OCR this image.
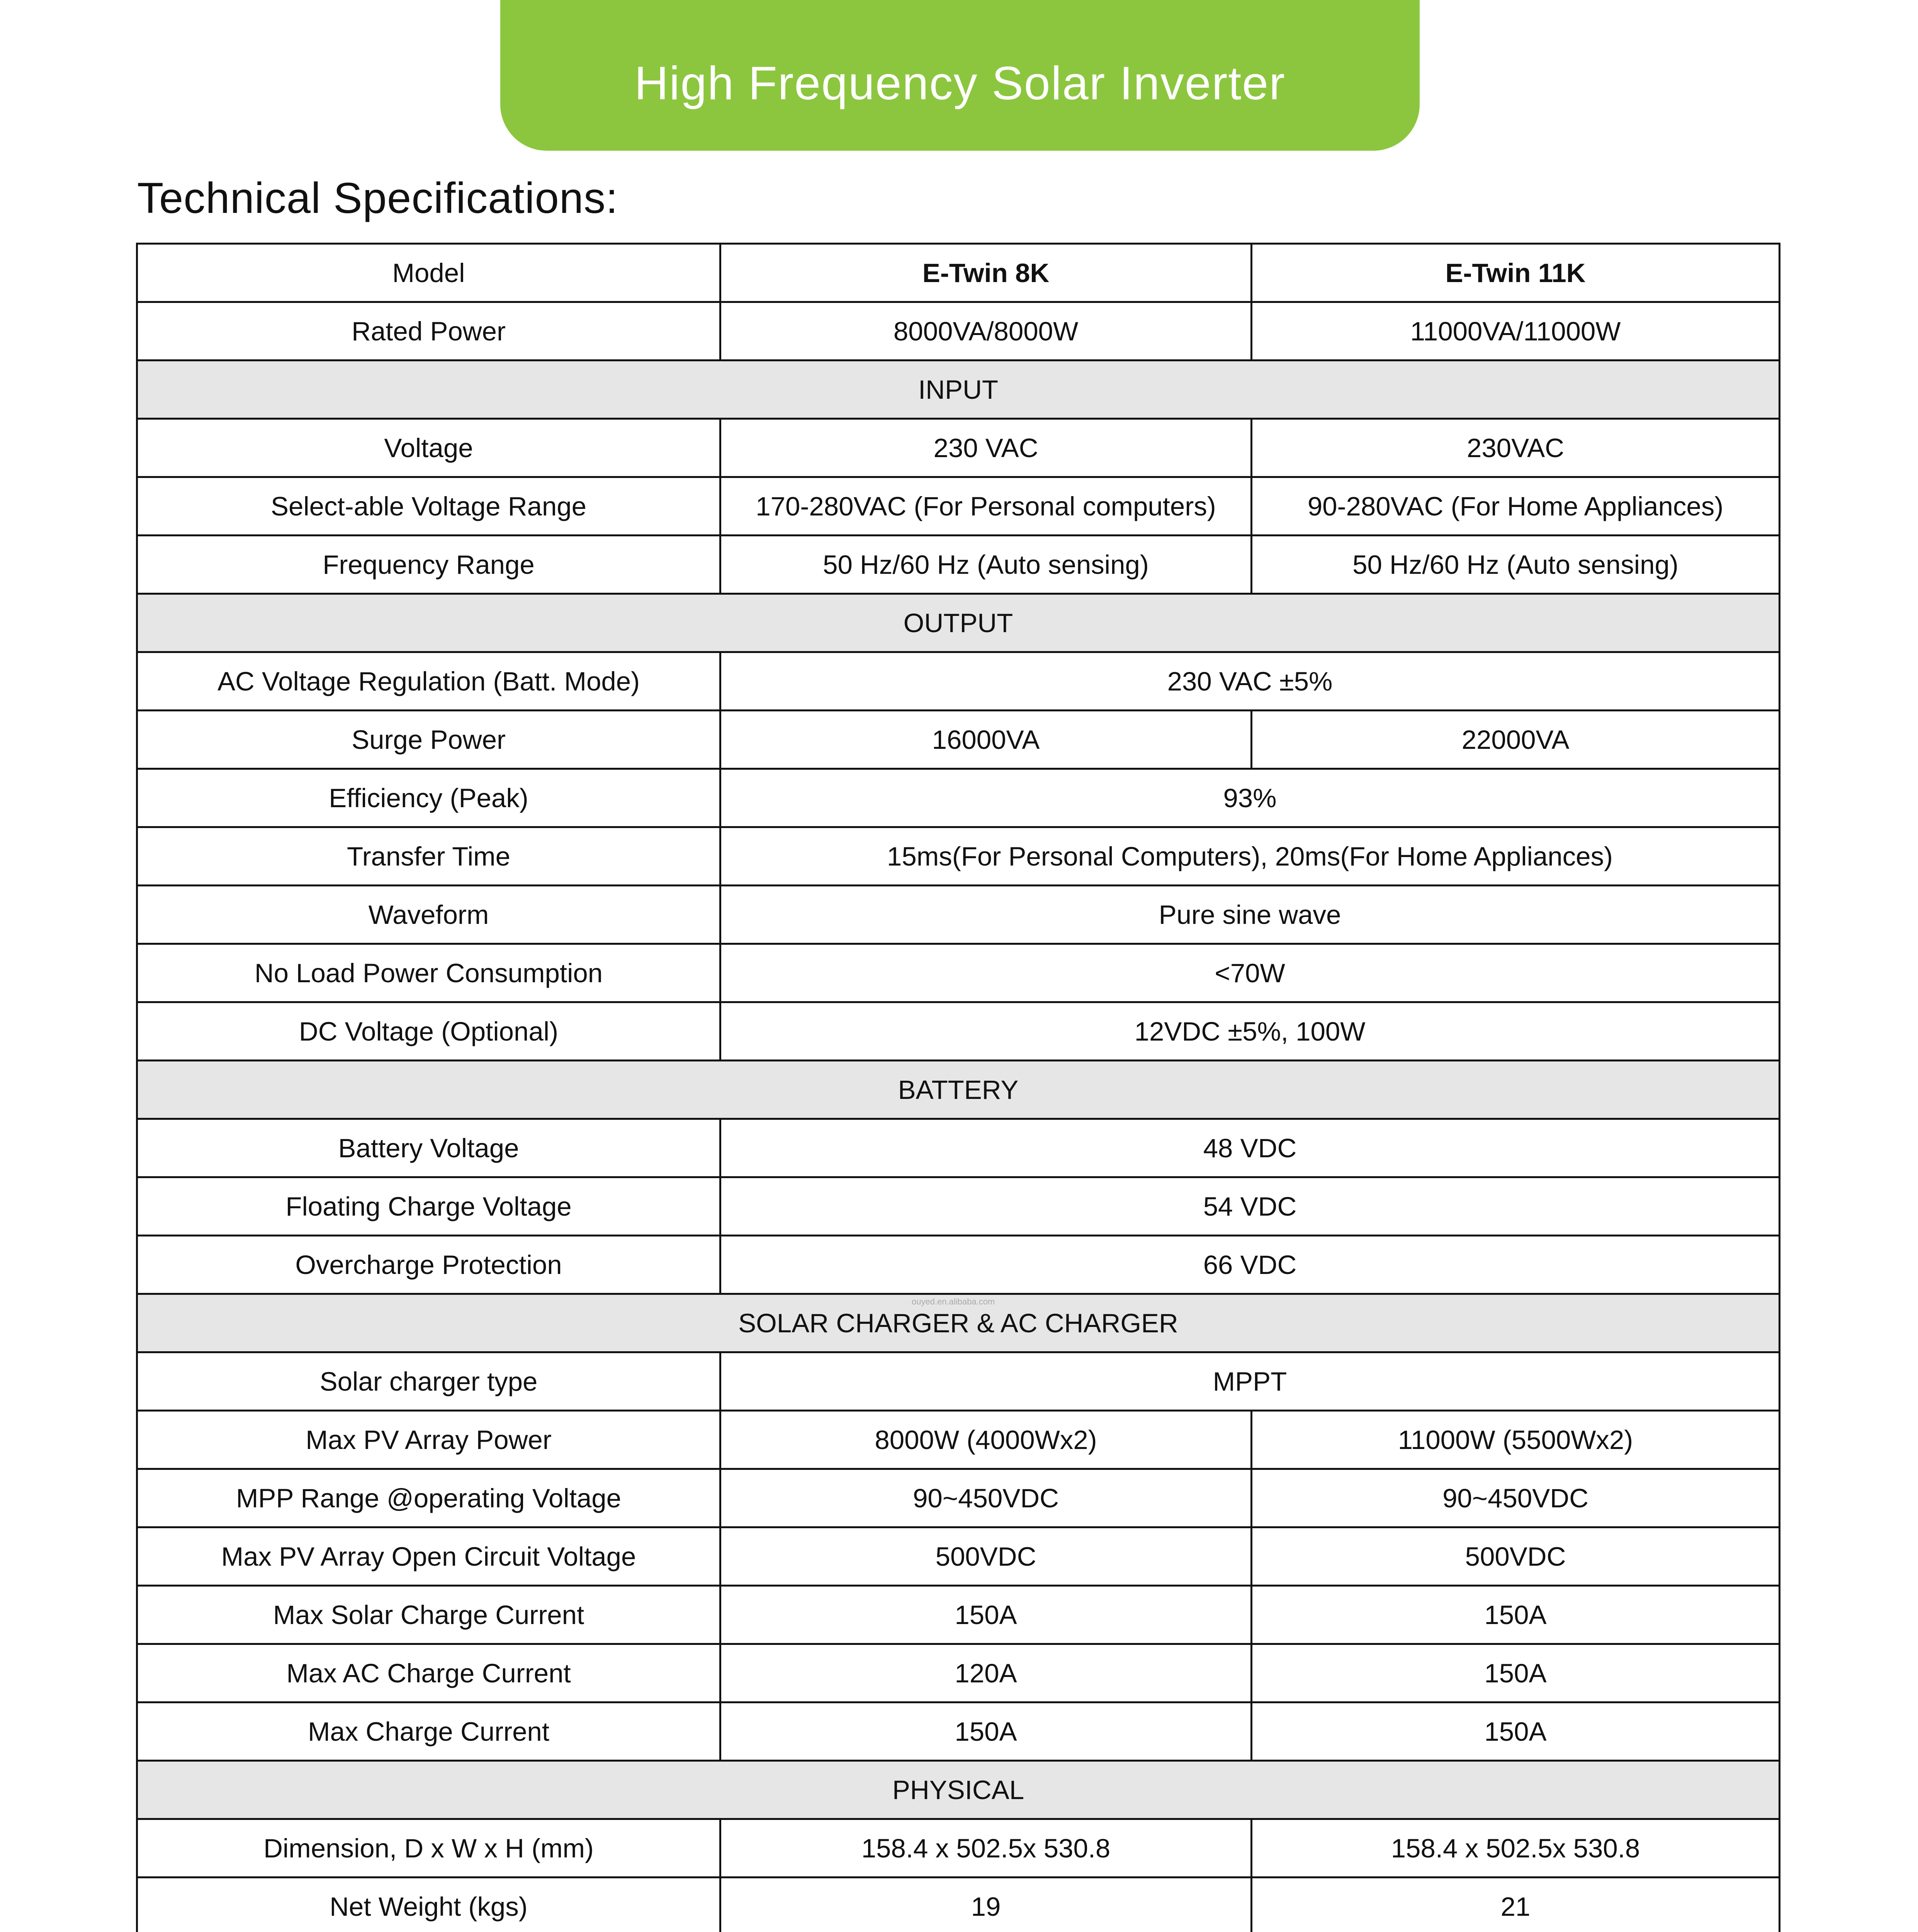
High Frequency Solar Inverter
Technical Specifications:
Model	E-Twin 8K	E-Twin 11K
Rated Power	8000VA/8000W	11000VA/11000W
INPUT		
Voltage	230 VAC	230VAC
Select-able Voltage Range	170-280VAC (For Personal computers)	90-280VAC (For Home Appliances)
Frequency Range	50 Hz/60 Hz (Auto sensing)	50 Hz/60 Hz (Auto sensing)
OUTPUT		
AC Voltage Regulation (Batt. Mode)	230 VAC ±5%	
Surge Power	16000VA	22000VA
Efficiency (Peak)	93%	
Transfer Time	15ms(For Personal Computers), 20ms(For Home Appliances)	
Waveform	Pure sine wave	
No Load Power Consumption	<70W	
DC Voltage (Optional)	12VDC ±5%, 100W	
BATTERY		
Battery Voltage	48 VDC	
Floating Charge Voltage	54 VDC	
Overcharge Protection	66 VDC	
SOLAR CHARGER & AC CHARGER		
Solar charger type	MPPT	
Max PV Array Power	8000W (4000Wx2)	11000W (5500Wx2)
MPP Range @operating Voltage	90~450VDC	90~450VDC
Max PV Array Open Circuit Voltage	500VDC	500VDC
Max Solar Charge Current	150A	150A
Max AC Charge Current	120A	150A
Max Charge Current	150A	150A
PHYSICAL		
Dimension, D x W x H (mm)	158.4 x 502.5x 530.8	158.4 x 502.5x 530.8
Net Weight (kgs)	19	21

ouyed.en.alibaba.com
